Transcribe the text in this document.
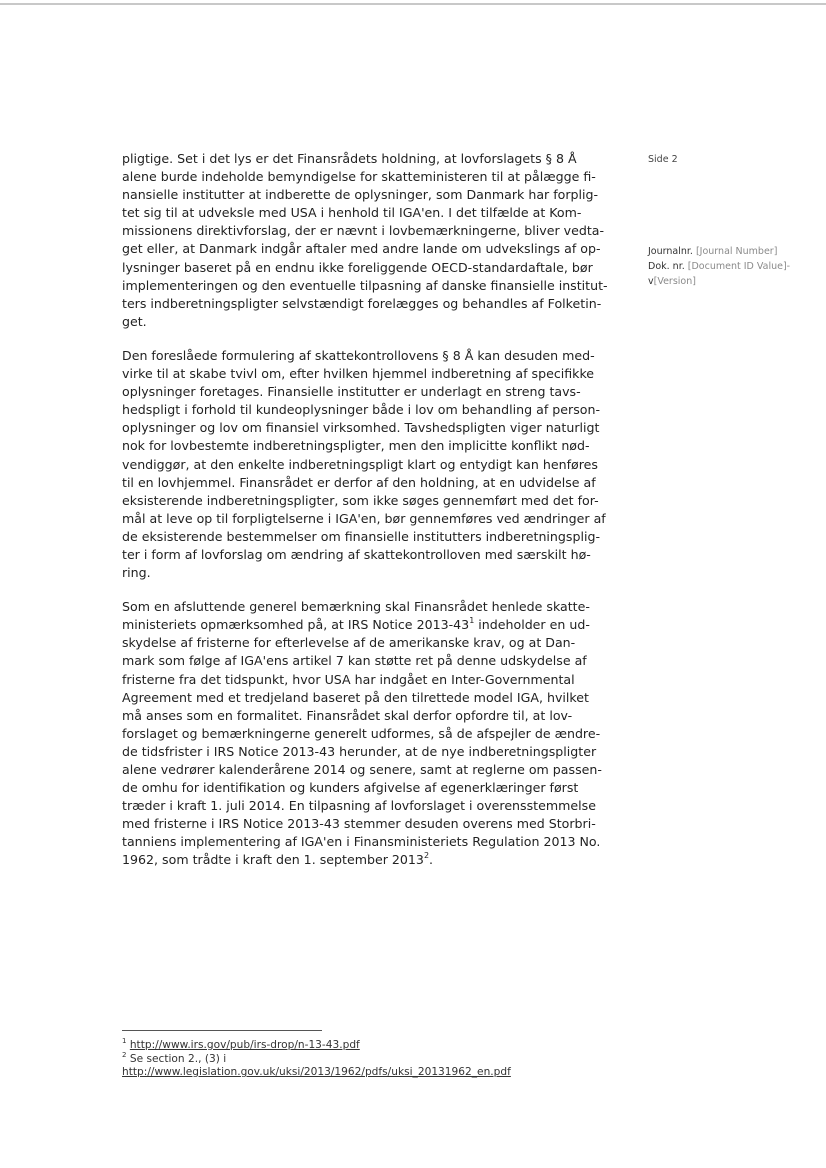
pligtige. Set i det lys er det Finansrådets holdning, at lovforslagets § 8 Å
alene burde indeholde bemyndigelse for skatteministeren til at pålægge fi-
nansielle institutter at indberette de oplysninger, som Danmark har forplig-
tet sig til at udveksle med USA i henhold til IGA'en. I det tilfælde at Kom-
missionens direktivforslag, der er nævnt i lovbemærkningerne, bliver vedta-
get eller, at Danmark indgår aftaler med andre lande om udvekslings af op-
lysninger baseret på en endnu ikke foreliggende OECD-standardaftale, bør
implementeringen og den eventuelle tilpasning af danske finansielle institut-
ters indberetningspligter selvstændigt forelægges og behandles af Folketin-
get.

Den foreslåede formulering af skattekontrollovens § 8 Å kan desuden med-
virke til at skabe tvivl om, efter hvilken hjemmel indberetning af specifikke
oplysninger foretages. Finansielle institutter er underlagt en streng tavs-
hedspligt i forhold til kundeoplysninger både i lov om behandling af person-
oplysninger og lov om finansiel virksomhed. Tavshedspligten viger naturligt
nok for lovbestemte indberetningspligter, men den implicitte konflikt nød-
vendiggør, at den enkelte indberetningspligt klart og entydigt kan henføres
til en lovhjemmel. Finansrådet er derfor af den holdning, at en udvidelse af
eksisterende indberetningspligter, som ikke søges gennemført med det for-
mål at leve op til forpligtelserne i IGA'en, bør gennemføres ved ændringer af
de eksisterende bestemmelser om finansielle institutters indberetningsplig-
ter i form af lovforslag om ændring af skattekontrolloven med særskilt hø-
ring.

Som en afsluttende generel bemærkning skal Finansrådet henlede skatte-
ministeriets opmærksomhed på, at IRS Notice $2013-43^1$ indeholder en ud-
skydelse af fristerne for efterlevelse af de amerikanske krav, og at Dan-
mark som følge af IGA'ens artikel 7 kan støtte ret på denne udskydelse af
fristerne fra det tidspunkt, hvor USA har indgået en Inter-Governmental
Agreement med et tredjeland baseret på den tilrettede model IGA, hvilket
må anses som en formalitet. Finansrådet skal derfor opfordre til, at lov-
forslaget og bemærkningerne generelt udformes, så de afspejler de ændre-
de tidsfrister i IRS Notice 2013-43 herunder, at de nye indberetningspligter
alene vedrører kalenderårene 2014 og senere, samt at reglerne om passen-
de omhu for identifikation og kunders afgivelse af egenerklæringer først
træder i kraft 1. juli 2014. En tilpasning af lovforslaget i overensstemmelse
med fristerne i IRS Notice 2013-43 stemmer desuden overens med Storbri-
tanniens implementering af IGA'en i Finansministeriets Regulation 2013 No.
1962, som trådte i kraft den 1. september 2013$^2$.

Side 2
Journalnr. [Journal Number]
Dok. nr. [Document ID Value]-
v[Version]
$^1$ http://www.irs.gov/pub/irs-drop/n-13-43.pdf
$^2$ Se section 2., (3) i
http://www.legislation.gov.uk/uksi/2013/1962/pdfs/uksi_20131962_en.pdf
